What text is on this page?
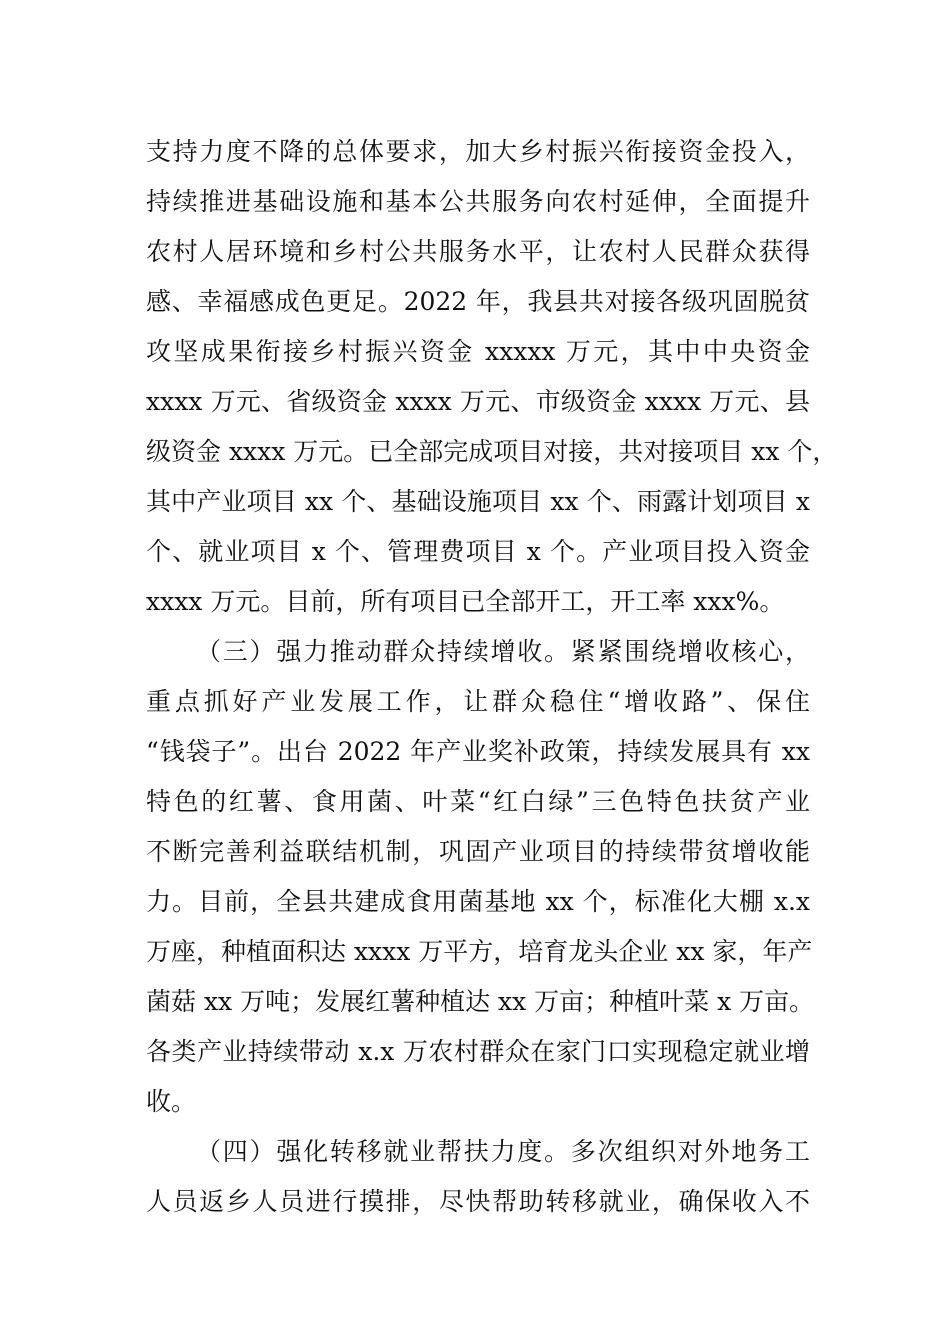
支持力度不降的总体要求，加大乡村振兴衔接资金投入，
持续推进基础设施和基本公共服务向农村延伸，全面提升
农村人居环境和乡村公共服务水平，让农村人民群众获得
感、幸福感成色更足。2022 年，我县共对接各级巩固脱贫
攻坚成果衔接乡村振兴资金 xxxxx 万元，其中中央资金
xxxx 万元、省级资金 xxxx 万元、市级资金 xxxx 万元、县
级资金 xxxx 万元。已全部完成项目对接，共对接项目 xx 个，
其中产业项目 xx 个、基础设施项目 xx 个、雨露计划项目 x
个、就业项目 x 个、管理费项目 x 个。产业项目投入资金
xxxx 万元。目前，所有项目已全部开工，开工率 xxx%。
（三）强力推动群众持续增收。紧紧围绕增收核心，
重点抓好产业发展工作，让群众稳住“增收路”、保住
“钱袋子”。出台 2022 年产业奖补政策，持续发展具有 xx
特色的红薯、食用菌、叶菜“红白绿”三色特色扶贫产业
不断完善利益联结机制，巩固产业项目的持续带贫增收能
力。目前，全县共建成食用菌基地 xx 个，标准化大棚 x.x
万座，种植面积达 xxxx 万平方，培育龙头企业 xx 家，年产
菌菇 xx 万吨；发展红薯种植达 xx 万亩；种植叶菜 x 万亩。
各类产业持续带动 x.x 万农村群众在家门口实现稳定就业增
收。
（四）强化转移就业帮扶力度。多次组织对外地务工
人员返乡人员进行摸排，尽快帮助转移就业，确保收入不
